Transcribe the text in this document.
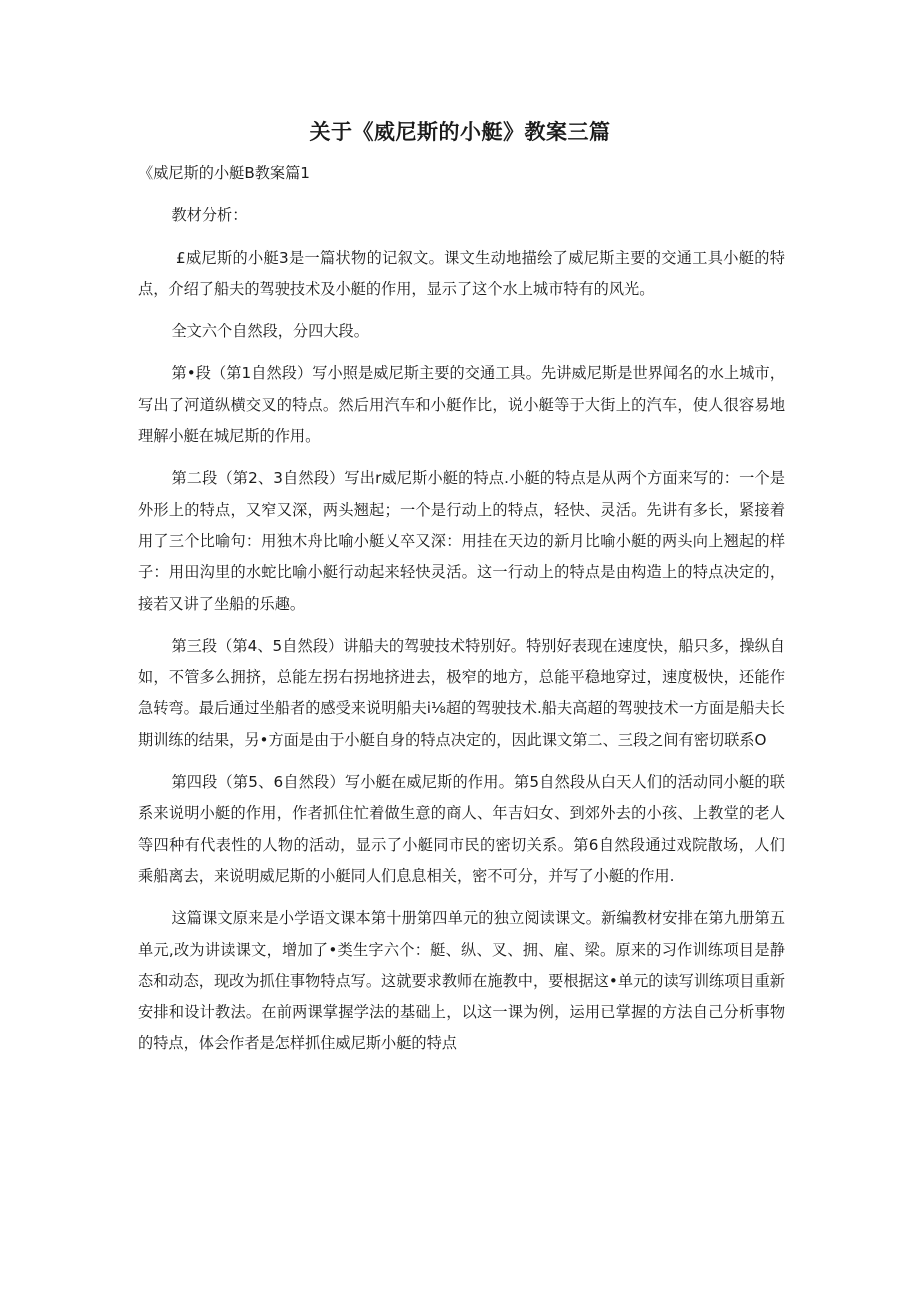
关于《威尼斯的小艇》教案三篇

《威尼斯的小艇B教案篇1

教材分析：

£威尼斯的小艇3是一篇状物的记叙文。课文生动地描绘了威尼斯主要的交通工具小艇的特点，介绍了船夫的驾驶技术及小艇的作用，显示了这个水上城市特有的风光。

全文六个自然段，分四大段。

第•段（第1自然段）写小照是威尼斯主要的交通工具。先讲威尼斯是世界闻名的水上城市，写出了河道纵横交叉的特点。然后用汽车和小艇作比，说小艇等于大街上的汽车，使人很容易地理解小艇在城尼斯的作用。

第二段（第2、3自然段）写出r威尼斯小艇的特点.小艇的特点是从两个方面来写的：一个是外形上的特点，又窄又深，两头翘起；一个是行动上的特点，轻快、灵活。先讲有多长，紧接着用了三个比喻句：用独木舟比喻小艇乂卒又深：用挂在天边的新月比喻小艇的两头向上翘起的样子：用田沟里的水蛇比喻小艇行动起来轻快灵活。这一行动上的特点是由构造上的特点决定的，接若又讲了坐船的乐趣。

第三段（第4、5自然段）讲船夫的驾驶技术特别好。特别好表现在速度快，船只多，操纵自如，不管多么拥挤，总能左拐右拐地挤进去，极窄的地方，总能平稳地穿过，速度极快，还能作急转弯。最后通过坐船者的感受来说明船夫i⅛超的驾驶技术.船夫高超的驾驶技术一方面是船夫长期训练的结果，另•方面是由于小艇自身的特点决定的，因此课文第二、三段之间有密切联系O

第四段（第5、6自然段）写小艇在威尼斯的作用。第5自然段从白天人们的活动同小艇的联系来说明小艇的作用，作者抓住忙着做生意的商人、年吉妇女、到郊外去的小孩、上教堂的老人等四种有代表性的人物的活动，显示了小艇同市民的密切关系。第6自然段通过戏院散场，人们乘船离去，来说明威尼斯的小艇同人们息息相关，密不可分，并写了小艇的作用.

这篇课文原来是小学语文课本第十册第四单元的独立阅读课文。新编教材安排在第九册第五单元,改为讲读课文，增加了•类生字六个：艇、纵、叉、拥、雇、梁。原来的习作训练项目是静态和动态，现改为抓住事物特点写。这就要求教师在施教中，要根据这•单元的读写训练项目重新安排和设计教法。在前两课掌握学法的基础上，以这一课为例，运用已掌握的方法自己分析事物的特点，体会作者是怎样抓住威尼斯小艇的特点
